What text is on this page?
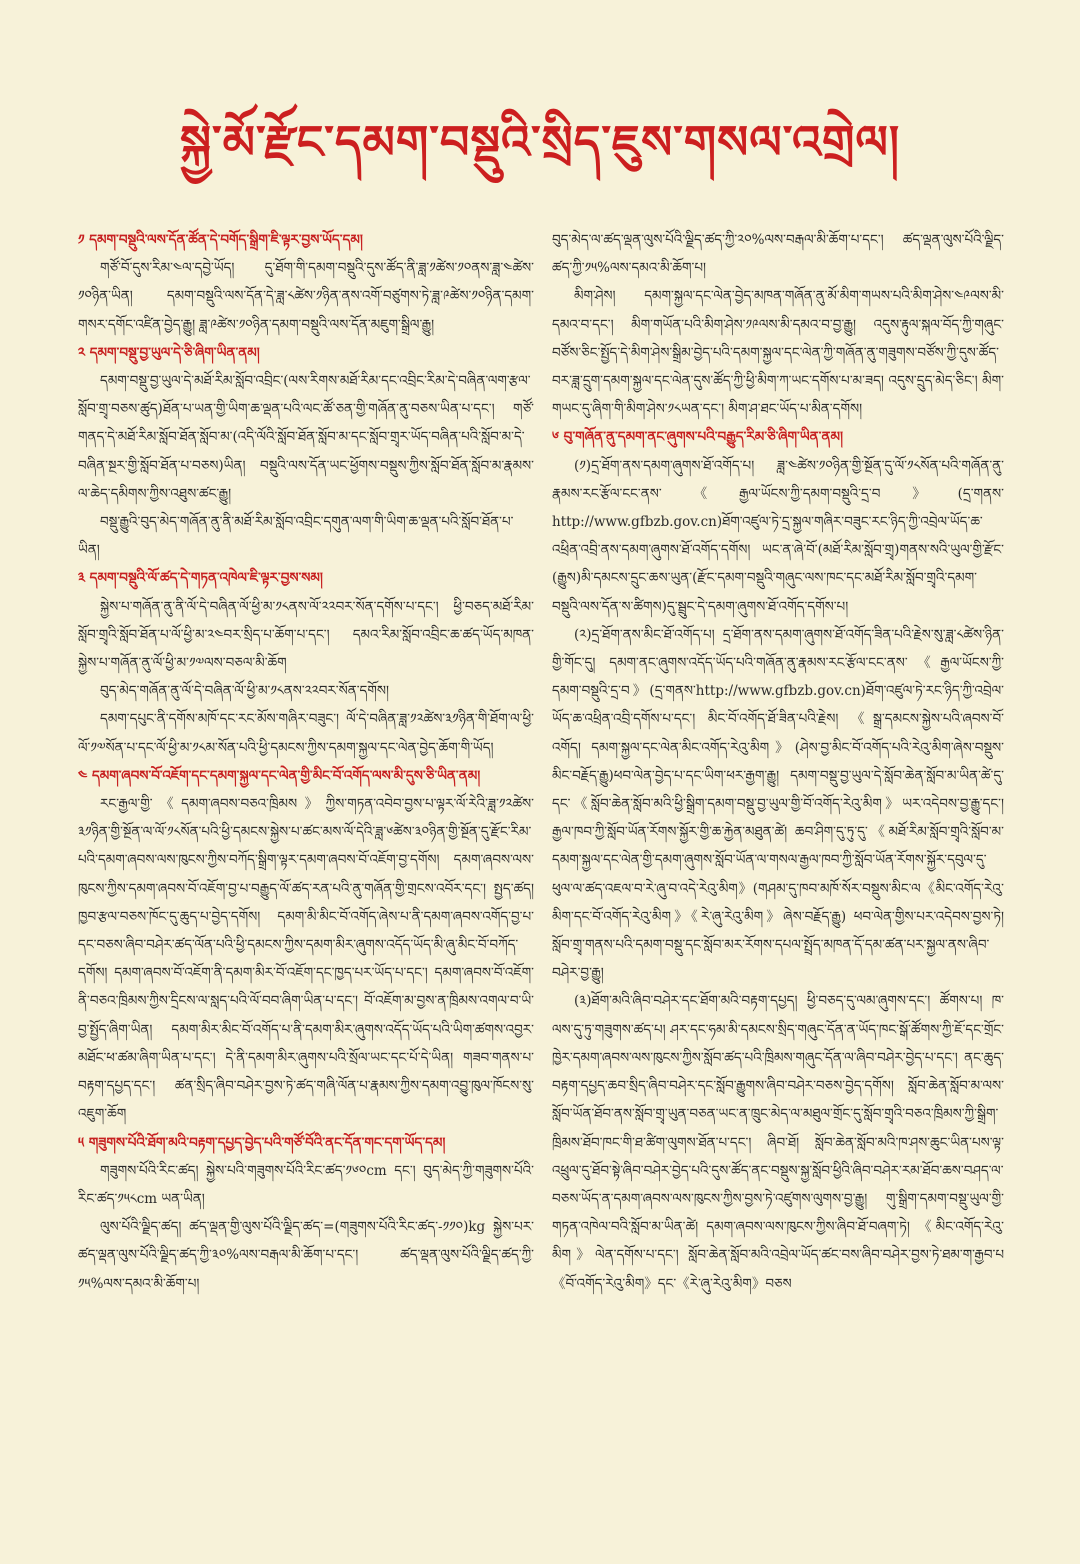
སྐྱེ་མོ་རྫོང་དམག་བསྡུའི་སྲིད་ཇུས་གསལ་འགྲེལ།

༡ དམག་བསྡུའི་ལས་དོན་ཚོན་དེ་བགོད་སྒྲིག་ཇི་ལྟར་བྱས་ཡོད་དམ།

གཙོ་བོ་དུས་རིམ་༤ལ་དབྱེ་ཡོད། དུ་ཐོག་གི་དམག་བསྡུའི་དུས་ཚོད་ནི་ཟླ་༡ཚེས་༡༠ནས་ཟླ་༤ཚེས་༡༠ཉིན་ཡིན། དམག་བསྡུའི་ལས་དོན་དེ་ཟླ་༨ཚེས་༡ཉིན་ནས་འགོ་བཙུགས་ཏེ་ཟླ་༩ཚེས་༡༠ཉིན་དམག་གསར་དགོང་འཛིན་བྱེད་རྒྱུ། ཟླ་༩ཚེས་༡༠ཉིན་དམག་བསྡུའི་ལས་དོན་མཇུག་སྒྲིལ་རྒྱུ།

༢ དམག་བསྡུ་བྱ་ཡུལ་དེ་ཅི་ཞིག་ཡིན་ནམ།

དམག་བསྡུ་བྱ་ཡུལ་དེ་མཐོ་རིམ་སློབ་འབྲིང་(ལས་རིགས་མཐོ་རིམ་དང་འབྲིང་རིམ་དེ་བཞིན་ལག་རྩལ་སློབ་གྲྭ་བཅས་ཚུད)ཐོན་པ་ཡན་གྱི་ཡིག་ཆ་ལྡན་པའི་ལང་ཚོ་ཅན་གྱི་གཞོན་ནུ་བཅས་ཡིན་པ་དང་། གཙོ་གནད་དེ་མཐོ་རིམ་སློབ་ཐོན་སློབ་མ་(འདི་ལོའི་སློབ་ཐོན་སློབ་མ་དང་སློབ་གྲྭར་ཡོད་བཞིན་པའི་སློབ་མ་དེ་བཞིན་སྔར་གྱི་སློབ་ཐོན་པ་བཅས)ཡིན། བསྡུའི་ལས་དོན་ཡང་ཕྱོགས་བསྡུས་ཀྱིས་སློབ་ཐོན་སློབ་མ་རྣམས་ལ་ཆེད་དམིགས་ཀྱིས་འཐུས་ཚང་རྒྱུ།

བསྡུ་རྒྱུའི་བུད་མེད་གཞོན་ནུ་ནི་མཐོ་རིམ་སློབ་འབྲིང་དགུན་ལག་གི་ཡིག་ཆ་ལྡན་པའི་སློབ་ཐོན་པ་ཡིན།

༣ དམག་བསྡུའི་ལོ་ཚད་དེ་གཏན་འཁེལ་ཇི་ལྟར་བྱས་སམ།

སྐྱེས་པ་གཞོན་ནུ་ནི་ལོ་དེ་བཞིན་ལོ་ཕྱི་མ་༡༨ནས་ལོ་༢༢བར་སོན་དགོས་པ་དང་། ཕྱི་བཅད་མཐོ་རིམ་སློབ་གྲྭའི་སློབ་ཐོན་པ་ལོ་ཕྱི་མ་༢༤བར་སྲིད་པ་ཆོག་པ་དང་། དམའ་རིམ་སློབ་འབྲིང་ཆ་ཚད་ཡོད་མཁན་སྐྱེས་པ་གཞོན་ནུ་ལོ་ཕྱི་མ་༡༧ལས་བཅལ་མི་ཆོག

བུད་མེད་གཞོན་ནུ་ལོ་དེ་བཞིན་ལོ་ཕྱི་མ་༡༨ནས་༢༢བར་སོན་དགོས།

དམག་དཔུང་ནི་དགོས་མཁོ་དང་རང་མོས་གཞིར་བཟུང་། ལོ་དེ་བཞིན་ཟླ་༡༢ཚེས་༣༡ཉིན་གི་ཐོག་ལ་ཕྱི་ལོ་༡༧སོན་པ་དང་ལོ་ཕྱི་མ་༡༨མ་སོན་པའི་ཕྱི་དམངས་ཀྱིས་དམག་སྐྱལ་དང་ལེན་བྱེད་ཆོག་གི་ཡོད།

༤ དམག་ཞབས་བོ་འཇོག་དང་དམག་སྐྱལ་དང་ལེན་གྱི་མིང་བོ་འགོད་ལས་མི་དུས་ཅི་ཡིན་ནམ།

རང་རྒྱལ་གྱི་《དམག་ཞབས་བཅའ་ཁྲིམས》ཀྱིས་གཏན་འབེབ་བྱས་པ་ལྟར་ལོ་རེའི་ཟླ་༡༢ཚེས་༣༡ཉིན་གྱི་སྔོན་ལ་ལོ་༡༨སོན་པའི་ཕྱི་དམངས་སྐྱེས་པ་ཚང་མས་ལོ་དེའི་ཟླ་༦ཚེས་༣༠ཉིན་གྱི་སྔོན་དུ་རྫོང་རིམ་པའི་དམག་ཞབས་ལས་ཁུངས་ཀྱིས་བཀོད་སྒྲིག་ལྟར་དམག་ཞབས་བོ་འཇོག་བྱ་དགོས། དམག་ཞབས་ལས་ཁུངས་ཀྱིས་དམག་ཞབས་བོ་འཇོག་བྱ་པ་བརྒྱུད་ལོ་ཚད་རན་པའི་ནུ་གཞོན་གྱི་གྲངས་འབོར་དང་། སྤྱད་ཚད། ཁྱབ་རྩལ་བཅས་ཁོང་དུ་ཆུད་པ་བྱེད་དགོས། དམག་མི་མིང་བོ་འགོད་ཞེས་པ་ནི་དམག་ཞབས་འགོད་བྱ་པ་དང་བཅས་ཞིབ་བཤེར་ཚད་ལོན་པའི་ཕྱི་དམངས་ཀྱིས་དམག་མིར་ཞུགས་འདོད་ཡོད་མི་ཞུ་མིང་བོ་བཀོད་དགོས། དམག་ཞབས་བོ་འཇོག་ནི་དམག་མིར་བོ་འཇོག་དང་ཁྱད་པར་ཡོད་པ་དང་། དམག་ཞབས་བོ་འཇོག་ནི་བཅའ་ཁྲིམས་ཀྱིས་དྲིངས་ལ་སླད་པའི་ལོ་བབ་ཞིག་ཡིན་པ་དང་། བོ་འཇོག་མ་བྱས་ན་ཁྲིམས་འགལ་བ་ཡི་བྱ་སྤྱོད་ཞིག་ཡིན། དམག་མིར་མིང་བོ་འགོད་པ་ནི་དམག་མིར་ཞུགས་འདོད་ཡོད་པའི་ཡིག་ཚགས་འབྱར་མཐོང་ཕ་ཚམ་ཞིག་ཡིན་པ་དང་། དེ་ནི་དམག་མིར་ཞུགས་པའི་སྲོལ་ཡང་དང་པོ་དེ་ཡིན། གཟབ་གནས་པ་བརྟག་དཔྱད་དང་། ཚན་སྲིད་ཞིབ་བཤེར་བྱས་ཏེ་ཚད་གཞི་ལོན་པ་རྣམས་ཀྱིས་དམག་འབྱུ་ཁུལ་ཁོངས་སུ་འཇུག་ཆོག

༥ གཟུགས་པོའི་ཐོག་མའི་བརྟག་དཔྱད་བྱེད་པའི་གཙོ་བོའི་ནང་དོན་གང་དག་ཡོད་དམ།

གཟུགས་པོའི་རིང་ཚད། སྐྱེས་པའི་གཟུགས་པོའི་རིང་ཚད་༡༦༠cm དང་། བུད་མེད་ཀྱི་གཟུགས་པོའི་རིང་ཚད་༡༥༨cm ཡན་ཡིན།

ལུས་པོའི་ལྗིད་ཚད། ཚད་ལྡན་གྱི་ལུས་པོའི་ལྗིད་ཚད་=(གཟུགས་པོའི་རིང་ཚད་-༡༡༠)kg སྐྱེས་པར་ཚད་ལྡན་ལུས་པོའི་ལྗིད་ཚད་ཀྱི་༣༠%ལས་བརྒལ་མི་ཆོག་པ་དང་། ཚད་ལྡན་ལུས་པོའི་ལྗིད་ཚད་ཀྱི་༡༥%ལས་དམའ་མི་ཆོག་པ།

བུད་མེད་ལ་ཚད་ལྡན་ལུས་པོའི་ལྗིད་ཚད་ཀྱི་༢༠%ལས་བརྒལ་མི་ཆོག་པ་དང་། ཚད་ལྡན་ལུས་པོའི་ལྗིད་ཚད་ཀྱི་༡༥%ལས་དམའ་མི་ཆོག་པ།

མིག་ཤེས། དམག་སྐྱལ་དང་ལེན་བྱེད་མཁན་གཞོན་ནུ་མོ་མིག་གཡས་པའི་མིག་ཤེས་༤༩ལས་མི་དམའ་བ་དང་། མིག་གཡོན་པའི་མིག་ཤེས་༡༩ལས་མི་དམའ་བ་བྱ་རྒྱུ། འདུས་རྟུལ་སྐལ་བོད་ཀྱི་གཞུང་བཙོས་ཅིང་སྤྱོད་དེ་མིག་ཤེས་སྒྲིམ་བྱེད་པའི་དམག་སྐྱལ་དང་ལེན་ཀྱི་གཞོན་ནུ་གཟུགས་བཙོས་ཀྱི་དུས་ཚོད་བར་ཟླ་དྲུག་དམག་སྐྱལ་དང་ལེན་དུས་ཚོད་ཀྱི་ཕྱི་མིག་ཀ་ཡང་དགོས་པ་མ་ཟད། འདུས་དྲུད་མེད་ཅིང་། མིག་གཡང་དུ་ཞིག་གི་མིག་ཤེས་༡༨ཡན་དང་། མིག་ཤ་ཐང་ཡོད་པ་མིན་དགོས།

༦ བུ་གཞོན་ནུ་དམག་ནང་ཞུགས་པའི་བརྒྱུད་རིམ་ཅི་ཞིག་ཡིན་ནམ།

(༡)དྲ་ཐོག་ནས་དམག་ཞུགས་ཐོ་འགོད་པ། ཟླ་༤ཚེས་༡༠ཉིན་གྱི་སྔོན་དུ་ལོ་༡༨སོན་པའི་གཞོན་ནུ་རྣམས་རང་རྩོལ་ངང་ནས་《རྒྱལ་ཡོངས་ཀྱི་དམག་བསྡུའི་དྲ་བ》(དྲ་གནས་http://www.gfbzb.gov.cn)ཐོག་འཛུལ་ཏེ་དྲ་སྐྱལ་གཞིར་བཟུང་རང་ཉིད་ཀྱི་འབྲེལ་ཡོད་ཆ་འཕྲིན་འབྲི་ནས་དམག་ཞུགས་ཐོ་འགོད་དགོས། ཡང་ན་ཞེ་བོ་(མཐོ་རིམ་སློབ་གྲྭ)གནས་སའི་ཡུལ་གྱི་རྫོང་(རྒྱུས)མི་དམངས་དྲུང་ཆས་ཡུན་(རྫོང་དམག་བསྡུའི་གཞུང་ལས་ཁང་དང་མཐོ་རིམ་སློབ་གྲྭའི་དམག་བསྡུའི་ལས་དོན་ས་ཚིགས)དུ་སྦྲུང་དེ་དམག་ཞུགས་ཐོ་འགོད་དགོས་པ།

(༢)དྲ་ཐོག་ནས་མིང་ཐོ་འགོད་པ། དྲ་ཐོག་ནས་དམག་ཞུགས་ཐོ་འགོད་ཟིན་པའི་རྗེས་སུ་ཟླ་༨ཚེས་ཉིན་གྱི་གོང་དུ། དམག་ནང་ཞུགས་འདོད་ཡོད་པའི་གཞོན་ནུ་རྣམས་རང་རྩོལ་ངང་ནས་《རྒྱལ་ཡོངས་ཀྱི་དམག་བསྡུའི་དྲ་བ》(དྲ་གནས་http://www.gfbzb.gov.cn)ཐོག་འཛུལ་ཏེ་རང་ཉིད་ཀྱི་འབྲེལ་ཡོད་ཆ་འཕྲིན་འབྲི་དགོས་པ་དང་། མིང་བོ་འགོད་ཐོ་ཟིན་པའི་རྗེས། 《སྒྲ་དམངས་སྐྱེས་པའི་ཞབས་བོ་འགོད། དམག་སྐྱལ་དང་ལེན་མིང་འགོད་རེའུ་མིག》(ཤེས་བྱ་མིང་བོ་འགོད་པའི་རེའུ་མིག་ཞེས་བསྡུས་མིང་བརྗོད་རྒྱུ)ཕབ་ལེན་བྱེད་པ་དང་ཡིག་ཕར་རྒྱག་རྒྱུ། དམག་བསྡུ་བྱ་ཡུལ་དེ་སློབ་ཆེན་སློབ་མ་ཡིན་ཚེ་དུ་དང་《སློབ་ཆེན་སློབ་མའི་ཕྱི་སྒྲིག་དམག་བསྡུ་བྱ་ཡུལ་གྱི་བོ་འགོད་རེའུ་མིག》ཡར་འདེབས་བྱ་རྒྱུ་དང་། རྒྱལ་ཁབ་ཀྱི་སློབ་ཡོན་རོགས་སྐྱོར་གྱི་ཆ་རྐྱེན་མཐུན་ཚེ། ཆབ་ཤིག་དུ་ཏུ་དུ་《མཐོ་རིམ་སློབ་གྲྭའི་སློབ་མ་དམག་སྐྱལ་དང་ལེན་གྱི་དམག་ཞུགས་སློབ་ཡོན་ལ་གསལ་རྒྱལ་ཁབ་ཀྱི་སློབ་ཡོན་རོགས་སྐྱོར་དབུལ་དུ་ཕུལ་ལ་ཚད་འཇལ་བ་རེ་ཞུ་བ་འདེ་རེའུ་མིག》(གཤམ་དུ་ཁབ་མཁོ་སོར་བསྡུས་མིང་ལ《མིང་འགོད་རེའུ་མིག་དང་བོ་འགོད་རེའུ་མིག》《རེ་ཞུ་རེའུ་མིག》ཞེས་བརྗོད་རྒྱུ) ཕབ་ལེན་གྱིས་པར་འདེབས་བྱས་ཏེ། སློབ་གྲྭ་གནས་པའི་དམག་བསྡུ་དང་སློབ་མར་རོགས་དཔལ་སྤྲོད་མཁན་དོ་དམ་ཚན་པར་སྐྱལ་ནས་ཞིབ་བཤེར་བྱ་རྒྱུ།

(༣)ཐོག་མའི་ཞིབ་བཤེར་དང་ཐོག་མའི་བརྟག་དཔྱད། ཕྱི་བཅད་དུ་ལམ་ཞུགས་དང་། ཚོགས་པ། ཁ་ལས་དུ་ཏུ་གཟུགས་ཚད་པ། ཤར་དང་ཧམ་མི་དམངས་སྲིད་གཞུང་དོན་ན་ཡོད་ཁང་སྒོ་ཚོགས་ཀྱི་ཇོ་དང་གྲོང་ཁྱེར་དམག་ཞབས་ལས་ཁུངས་ཀྱིས་སློབ་ཚད་པའི་ཁྲིམས་གཞུང་དོན་ལ་ཞིབ་བཤེར་བྱེད་པ་དང་། ནང་ཆུད་བརྟག་དཔྱད་ཆབ་སྲིད་ཞིབ་བཤེར་དང་སློབ་རྒྱུགས་ཞིབ་བཤེར་བཅས་བྱེད་དགོས། སློབ་ཆེན་སློབ་མ་ལས་སློབ་ཡོན་ཐོབ་ནས་སློབ་གྲྭ་ཡུན་བཅན་ཡང་ན་ཁྲུང་མེད་ལ་མཐུལ་གྲོང་དུ་སློབ་གྲྭའི་བཅའ་ཁྲིམས་ཀྱི་སྒྲིག་ཁྲིམས་ཐོབ་ཁང་གི་ཐ་ཚིག་ལུགས་ཐོན་པ་དང་། ཞིབ་ཐོ། སློབ་ཆེན་སློབ་མའི་ཁ་ཤས་ཆུང་ཡིན་པས་ལྟ་འཕྲུལ་དུ་ཐོབ་སྟེ་ཞིབ་བཤེར་བྱེད་པའི་དུས་ཚོད་ནང་བསྡུས་སྐྱ་སློབ་ཕྱིའི་ཞིབ་བཤེར་རམ་ཐོབ་ཆས་བཤད་ལ་བཅས་ཡོད་ན་དམག་ཞབས་ལས་ཁུངས་ཀྱིས་བྱས་ཏེ་འཛུགས་ལུགས་བྱ་རྒྱུ། གུ་སྒྲིག་དམག་བསྡུ་ཡུལ་གྱི་གཏན་འཁེལ་བའི་སློབ་མ་ཡིན་ཚེ། དམག་ཞབས་ལས་ཁུངས་ཀྱིས་ཞིབ་ཐོ་བཞག་ཏེ། 《མིང་འགོད་རེའུ་མིག》ལེན་དགོས་པ་དང་། སློབ་ཆེན་སློབ་མའི་འབྲེལ་ཡོད་ཚང་བས་ཞིབ་བཤེར་བྱས་ཏེ་ཐམ་ག་རྒྱབ་པ《བོ་འགོད་རེའུ་མིག》དང་《རེ་ཞུ་རེའུ་མིག》བཅས
